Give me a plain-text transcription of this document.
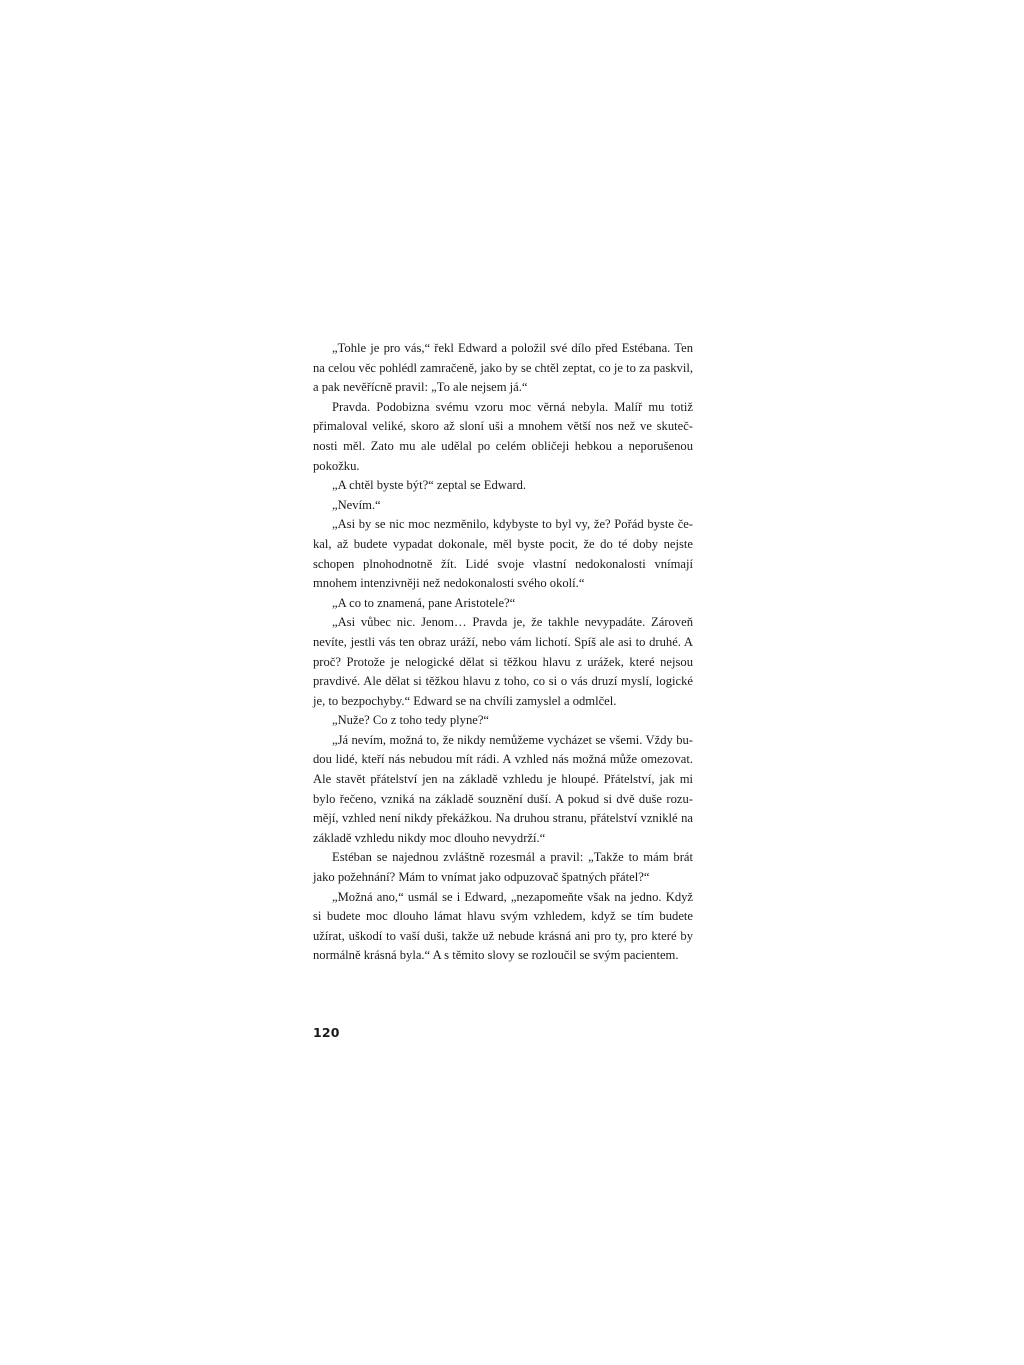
„Tohle je pro vás,“ řekl Edward a položil své dílo před Estébana. Ten na celou věc pohlédl zamračeně, jako by se chtěl zeptat, co je to za paskvil, a pak nevěřícně pravil: „To ale nejsem já.“

Pravda. Podobizna svému vzoru moc věrná nebyla. Malíř mu totiž přimaloval veliké, skoro až sloní uši a mnohem větší nos než ve skutečnosti měl. Zato mu ale udělal po celém obličeji hebkou a neporušenou pokožku.

„A chtěl byste být?“ zeptal se Edward.

„Nevím.“

„Asi by se nic moc nezměnilo, kdybyste to byl vy, že? Pořád byste čekal, až budete vypadat dokonale, měl byste pocit, že do té doby nejste schopen plnohodnotně žít. Lidé svoje vlastní nedokonalosti vnímají mnohem intenzivněji než nedokonalosti svého okolí.“

„A co to znamená, pane Aristotele?“

„Asi vůbec nic. Jenom… Pravda je, že takhle nevypadáte. Zároveň nevíte, jestli vás ten obraz uráží, nebo vám lichotí. Spíš ale asi to druhé. A proč? Protože je nelogické dělat si těžkou hlavu z urážek, které nejsou pravdivé. Ale dělat si těžkou hlavu z toho, co si o vás druzí myslí, logické je, to bezpochyby.“ Edward se na chvíli zamyslel a odmlčel.

„Nuže? Co z toho tedy plyne?“

„Já nevím, možná to, že nikdy nemůžeme vycházet se všemi. Vždy budou lidé, kteří nás nebudou mít rádi. A vzhled nás možná může omezovat. Ale stavět přátelství jen na základě vzhledu je hloupé. Přátelství, jak mi bylo řečeno, vzniká na základě souznění duší. A pokud si dvě duše rozumějí, vzhled není nikdy překážkou. Na druhou stranu, přátelství vzniklé na základě vzhledu nikdy moc dlouho nevydrží.“

Estéban se najednou zvláštně rozesmál a pravil: „Takže to mám brát jako požehnání? Mám to vnímat jako odpuzovač špatných přátel?“

„Možná ano,“ usmál se i Edward, „nezapomeňte však na jedno. Když si budete moc dlouho lámat hlavu svým vzhledem, když se tím budete užírat, uškodí to vaší duši, takže už nebude krásná ani pro ty, pro které by normálně krásná byla.“ A s těmito slovy se rozloučil se svým pacientem.

120
